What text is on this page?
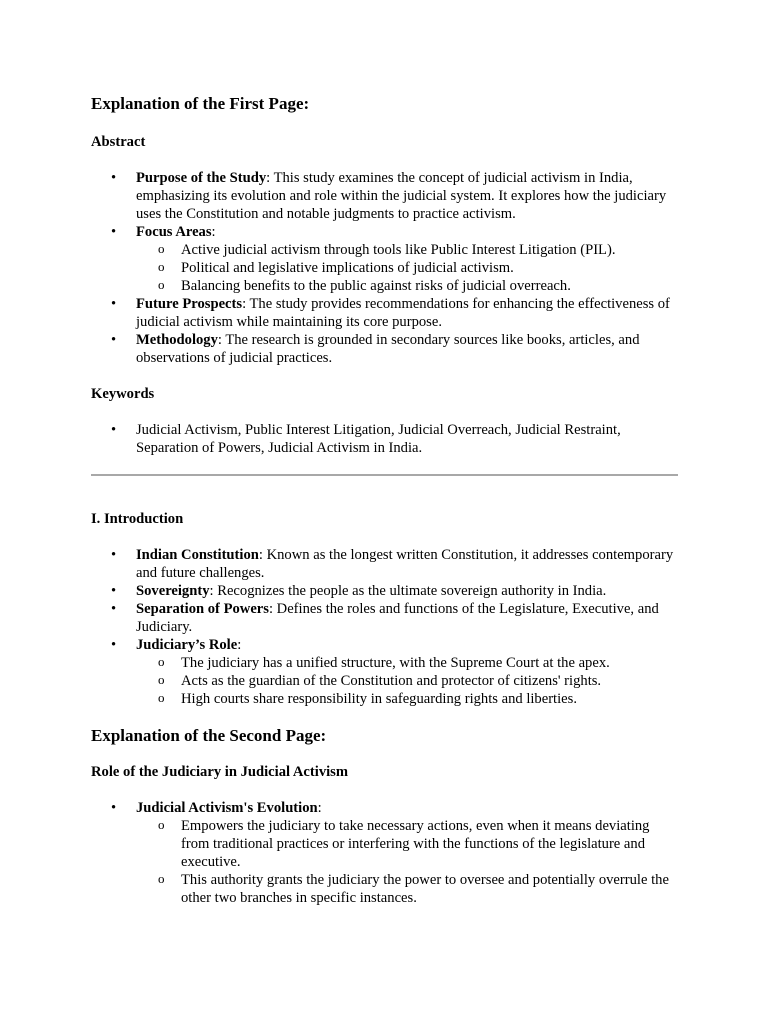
Explanation of the First Page:
Abstract
• Purpose of the Study: This study examines the concept of judicial activism in India, emphasizing its evolution and role within the judicial system. It explores how the judiciary uses the Constitution and notable judgments to practice activism.
• Focus Areas:
o Active judicial activism through tools like Public Interest Litigation (PIL).
o Political and legislative implications of judicial activism.
o Balancing benefits to the public against risks of judicial overreach.
• Future Prospects: The study provides recommendations for enhancing the effectiveness of judicial activism while maintaining its core purpose.
• Methodology: The research is grounded in secondary sources like books, articles, and observations of judicial practices.
Keywords
• Judicial Activism, Public Interest Litigation, Judicial Overreach, Judicial Restraint, Separation of Powers, Judicial Activism in India.
I. Introduction
• Indian Constitution: Known as the longest written Constitution, it addresses contemporary and future challenges.
• Sovereignty: Recognizes the people as the ultimate sovereign authority in India.
• Separation of Powers: Defines the roles and functions of the Legislature, Executive, and Judiciary.
• Judiciary’s Role:
o The judiciary has a unified structure, with the Supreme Court at the apex.
o Acts as the guardian of the Constitution and protector of citizens' rights.
o High courts share responsibility in safeguarding rights and liberties.
Explanation of the Second Page:
Role of the Judiciary in Judicial Activism
• Judicial Activism's Evolution:
o Empowers the judiciary to take necessary actions, even when it means deviating from traditional practices or interfering with the functions of the legislature and executive.
o This authority grants the judiciary the power to oversee and potentially overrule the other two branches in specific instances.
